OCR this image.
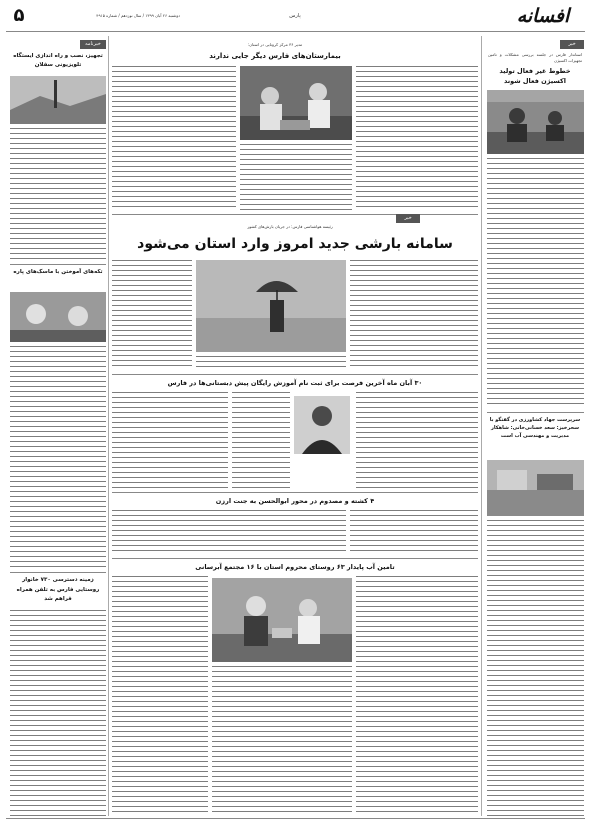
افسانه
پارس
دوشنبه ۲۶ آبان ۱۳۹۹ / سال نوزدهم / شماره ۴۹۱۵
۵
خبر
استاندار فارس در جلسه بررسی مشکلات و تامین تجهیزات اکسیژن
خطوط غیر فعال تولید اکسیژن فعال شوند
سرپرست جهاد کشاورزی در گفتگو با سحرخیز: سعد خسانی‌خانی: شاهکار مدیریت و مهندسی آب است
خبرنامه
تجهیز، نصب و راه اندازی ایستگاه تلویزیونی سفلان
تکه‌های آموختن با ماسک‌های پاره
زمینه دسترسی ۷۳۰ خانوار روستایی فارس به تلفن همراه فراهم شد
مدیر ۳۶ مرکز کرونایی در استان:
بیمارستان‌های فارس دیگر جایی ندارند
خبر
رئیسه هواشناسی فارس: در جریان بارش‌های کشور
سامانه بارشی جدید امروز وارد استان می‌شود
۳۰ آبان ماه آخرین فرصت برای ثبت نام آموزش رایگان پیش دبستانی‌ها در فارس
۴ کشته و مصدوم در محور ابوالحسن به جنت ارزن
تامین آب پایدار ۶۳ روستای محروم استان با ۱۶ مجتمع آبرسانی
